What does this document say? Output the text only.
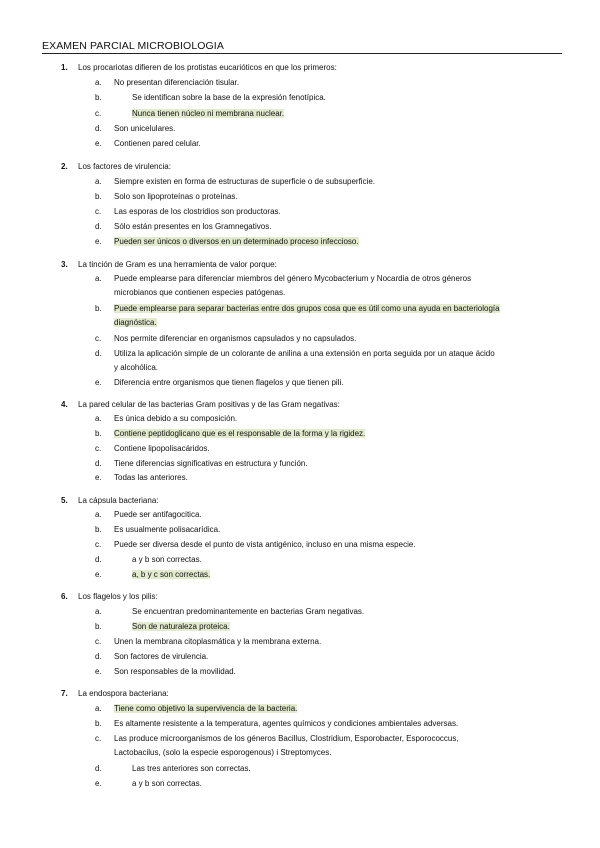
EXAMEN PARCIAL MICROBIOLOGIA
1. Los procariotas difieren de los protistas eucarióticos en que los primeros:
a.	No presentan diferenciación tisular.
b.	Se identifican sobre la base de la expresión fenotípica.
c.	Nunca tienen núcleo ni membrana nuclear.
d.	Son unicelulares.
e.	Contienen pared celular.
2. Los factores de virulencia:
a.	Siempre existen en forma de estructuras de superficie o de subsuperficie.
b.	Solo son lipoproteínas o proteínas.
c.	Las esporas de los clostridios son productoras.
d.	Sólo están presentes en los Gramnegativos.
e.	Pueden ser únicos o diversos en un determinado proceso infeccioso.
3. La tinción de Gram es una herramienta de valor porque:
a.	Puede emplearse para diferenciar miembros del género Mycobacterium y Nocardia de otros géneros
microbianos que contienen especies patógenas.
b.	Puede emplearse para separar bacterias entre dos grupos cosa que es útil como una ayuda en bacteriología
diagnóstica.
c.	Nos permite diferenciar en organismos capsulados y no capsulados.
d.	Utiliza la aplicación simple de un colorante de anilina a una extensión en porta seguida por un ataque ácido
y alcohólica.
e.	Diferencia entre organismos que tienen flagelos y que tienen pili.
4. La pared celular de las bacterias Gram positivas y de las Gram negativas:
a.	Es única debido a su composición.
b.	Contiene peptidoglicano que es el responsable de la forma y la rigidez.
c.	Contiene lipopolisacáridos.
d.	Tiene diferencias significativas en estructura y función.
e.	Todas las anteriores.
5. La cápsula bacteriana:
a.	Puede ser antifagocitica.
b.	Es usualmente polisacarídica.
c.	Puede ser diversa desde el punto de vista antigénico, incluso en una misma especie.
d.	a y b son correctas.
e.	a, b y c son correctas.
6. Los flagelos y los pilis:
a.	Se encuentran predominantemente en bacterias Gram negativas.
b.	Son de naturaleza proteica.
c.	Unen la membrana citoplasmática y la membrana externa.
d.	Son factores de virulencia.
e.	Son responsables de la movilidad.
7. La endospora bacteriana:
a.	Tiene como objetivo la supervivencia de la bacteria.
b.	Es altamente resistente a la temperatura, agentes químicos y condiciones ambientales adversas.
c.	Las produce microorganismos de los géneros Bacillus, Clostridium, Esporobacter, Esporococcus,
Lactobacilus, (solo la especie esporogenous) i Streptomyces.
d.	Las tres anteriores son correctas.
e.	a y b son correctas.
